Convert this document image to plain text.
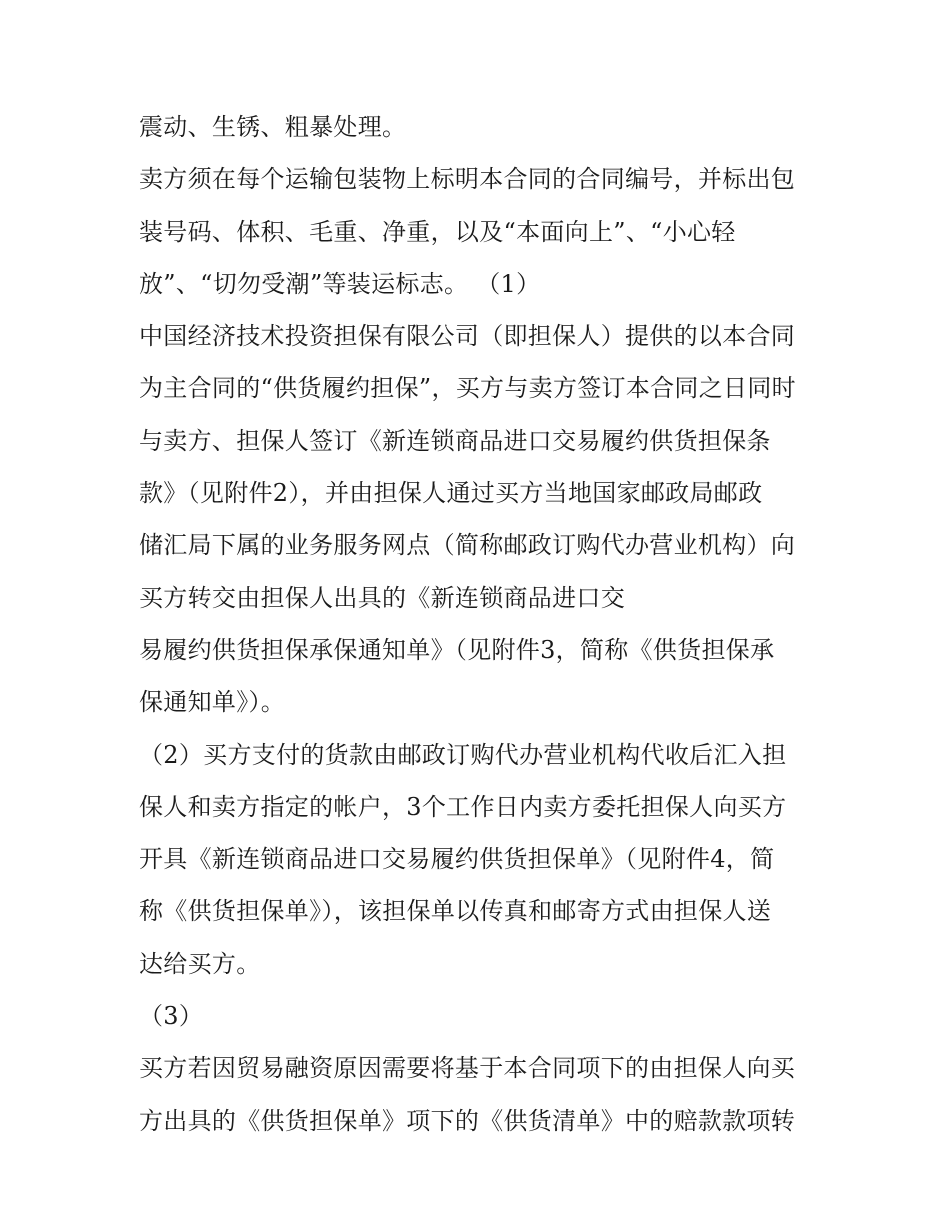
震动、生锈、粗暴处理。
卖方须在每个运输包装物上标明本合同的合同编号，并标出包
装号码、体积、毛重、净重，以及“本面向上”、“小心轻
放”、“切勿受潮”等装运标志。 （1）
中国经济技术投资担保有限公司（即担保人）提供的以本合同
为主合同的“供货履约担保”，买方与卖方签订本合同之日同时
与卖方、担保人签订《新连锁商品进口交易履约供货担保条
款》（见附件2），并由担保人通过买方当地国家邮政局邮政
储汇局下属的业务服务网点（简称邮政订购代办营业机构）向
买方转交由担保人出具的《新连锁商品进口交
易履约供货担保承保通知单》（见附件3，简称《供货担保承
保通知单》）。
（2）买方支付的货款由邮政订购代办营业机构代收后汇入担
保人和卖方指定的帐户，3个工作日内卖方委托担保人向买方
开具《新连锁商品进口交易履约供货担保单》（见附件4，简
称《供货担保单》），该担保单以传真和邮寄方式由担保人送
达给买方。
（3）
买方若因贸易融资原因需要将基于本合同项下的由担保人向买
方出具的《供货担保单》项下的《供货清单》中的赔款款项转
